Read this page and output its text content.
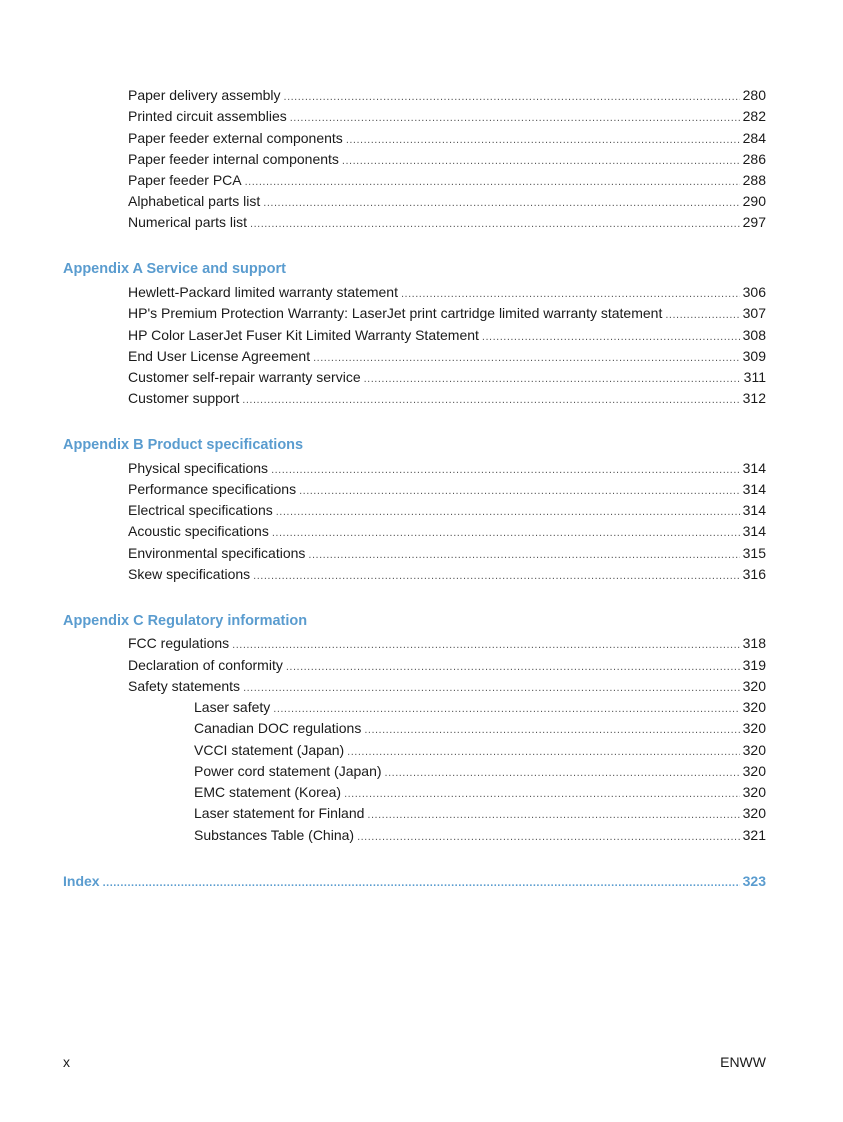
Paper delivery assembly .....	280
Printed circuit assemblies .....	282
Paper feeder external components .....	284
Paper feeder internal components .....	286
Paper feeder PCA .....	288
Alphabetical parts list .....	290
Numerical parts list .....	297
Appendix A Service and support
Hewlett-Packard limited warranty statement .....	306
HP's Premium Protection Warranty: LaserJet print cartridge limited warranty statement .....	307
HP Color LaserJet Fuser Kit Limited Warranty Statement .....	308
End User License Agreement .....	309
Customer self-repair warranty service .....	311
Customer support .....	312
Appendix B Product specifications
Physical specifications .....	314
Performance specifications .....	314
Electrical specifications .....	314
Acoustic specifications .....	314
Environmental specifications .....	315
Skew specifications .....	316
Appendix C Regulatory information
FCC regulations .....	318
Declaration of conformity .....	319
Safety statements .....	320
Laser safety .....	320
Canadian DOC regulations .....	320
VCCI statement (Japan) .....	320
Power cord statement (Japan) .....	320
EMC statement (Korea) .....	320
Laser statement for Finland .....	320
Substances Table (China) .....	321
Index .....	323
x	ENWW
